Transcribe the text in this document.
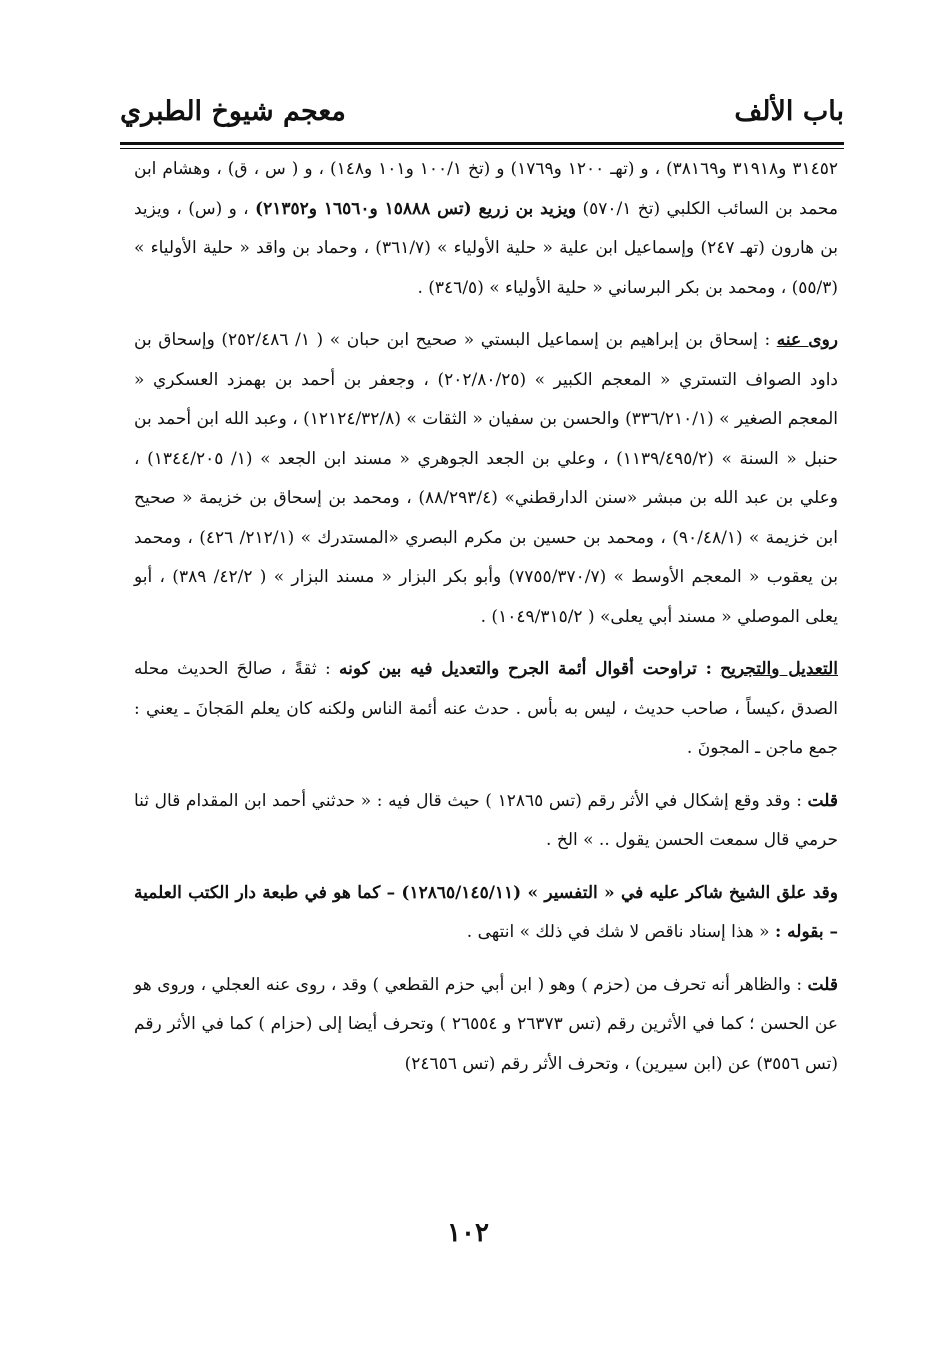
باب الألف
معجم شيوخ الطبري

٣١٤٥٢ و٣١٩١٨ و٣٨١٦٩) ، و (تهـ ١٢٠٠ و١٧٦٩) و (تخ ١٠٠/١ و١٠١ و١٤٨) ، و ( س ، ق) ، وهشام ابن محمد بن السائب الكلبي (تخ ٥٧٠/١) ويزيد بن زريع (تس ١٥٨٨٨ و١٦٥٦٠ و٢١٣٥٢) ، و (س) ، ويزيد بن هارون (تهـ ٢٤٧) وإسماعيل ابن علية « حلية الأولياء » (٣٦١/٧) ، وحماد بن واقد « حلية الأولياء » (٥٥/٣) ، ومحمد بن بكر البرساني « حلية الأولياء » (٣٤٦/٥) .

روى عنه : إسحاق بن إبراهيم بن إسماعيل البستي « صحيح ابن حبان » ( ١/ ٢٥٢/٤٨٦) وإسحاق بن داود الصواف التستري « المعجم الكبير » (٢٠٢/٨٠/٢٥) ، وجعفر بن أحمد بن بهمزد العسكري « المعجم الصغير » (٣٣٦/٢١٠/١) والحسن بن سفيان « الثقات » (١٢١٢٤/٣٢/٨) ، وعبد الله ابن أحمد بن حنبل « السنة » (١١٣٩/٤٩٥/٢) ، وعلي بن الجعد الجوهري « مسند ابن الجعد » (١/ ١٣٤٤/٢٠٥) ، وعلي بن عبد الله بن مبشر «سنن الدارقطني» (٨٨/٢٩٣/٤) ، ومحمد بن إسحاق بن خزيمة « صحيح ابن خزيمة » (٩٠/٤٨/١) ، ومحمد بن حسين بن مكرم البصري «المستدرك » (٢١٢/١/ ٤٢٦) ، ومحمد بن يعقوب « المعجم الأوسط » (٧٧٥٥/٣٧٠/٧) وأبو بكر البزار « مسند البزار » ( ٤٢/٢/ ٣٨٩) ، أبو يعلى الموصلي « مسند أبي يعلى» ( ١٠٤٩/٣١٥/٢) .

التعديل والتجريح : تراوحت أقوال أئمة الجرح والتعديل فيه بين كونه : ثقةً ، صالحَ الحديث محله الصدق ،كيساً ، صاحب حديث ، ليس به بأس . حدث عنه أئمة الناس ولكنه كان يعلم المَجانَ ـ يعني : جمع ماجن ـ المجونَ .

قلت : وقد وقع إشكال في الأثر رقم (تس ١٢٨٦٥ ) حيث قال فيه : « حدثني أحمد ابن المقدام قال ثنا حرمي قال سمعت الحسن يقول .. » الخ .

وقد علق الشيخ شاكر عليه في « التفسير » (١٢٨٦٥/١٤٥/١١) – كما هو في طبعة دار الكتب العلمية – بقوله : « هذا إسناد ناقص لا شك في ذلك » انتهى .

قلت : والظاهر أنه تحرف من (حزم ) وهو ( ابن أبي حزم القطعي ) وقد ، روى عنه العجلي ، وروى هو عن الحسن ؛ كما في الأثرين رقم (تس ٢٦٣٧٣ و ٢٦٥٥٤ ) وتحرف أيضا إلى (حزام ) كما في الأثر رقم (تس ٣٥٥٦) عن (ابن سيرين) ، وتحرف الأثر رقم (تس ٢٤٦٥٦)

١٠٢
